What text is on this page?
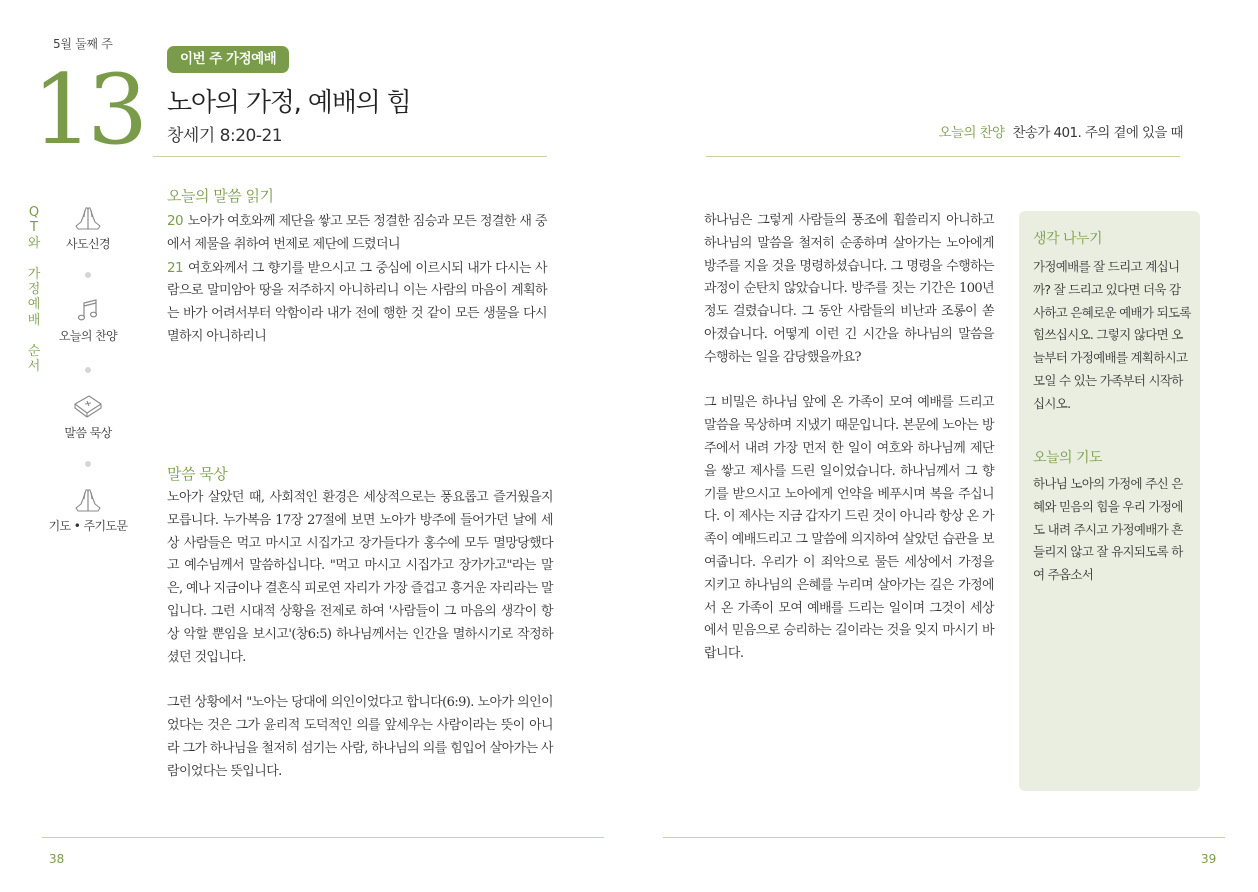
5월 둘째 주
13	이번 주 가정예배
노아의 가정, 예배의 힘
창세기 8:20-21
Q
T
와
가
정
예
배
순
서
사도신경
오늘의 찬양
말씀 묵상
기도 • 주기도문
오늘의 말씀 읽기

20 노아가 여호와께 제단을 쌓고 모든 정결한 짐승과 모든 정결한 새 중에서 제물을 취하여 번제로 제단에 드렸더니

21 여호와께서 그 향기를 받으시고 그 중심에 이르시되 내가 다시는 사람으로 말미암아 땅을 저주하지 아니하리니 이는 사람의 마음이 계획하는 바가 어려서부터 악함이라 내가 전에 행한 것 같이 모든 생물을 다시 멸하지 아니하리니

말씀 묵상

노아가 살았던 때, 사회적인 환경은 세상적으로는 풍요롭고 즐거웠을지 모릅니다. 누가복음 17장 27절에 보면 노아가 방주에 들어가던 날에 세상 사람들은 먹고 마시고 시집가고 장가들다가 홍수에 모두 멸망당했다고 예수님께서 말씀하십니다. "먹고 마시고 시집가고 장가가고"라는 말은, 예나 지금이나 결혼식 피로연 자리가 가장 즐겁고 흥거운 자리라는 말입니다. 그런 시대적 상황을 전제로 하여 '사람들이 그 마음의 생각이 항상 악할 뿐임을 보시고'(창6:5) 하나님께서는 인간을 멸하시기로 작정하셨던 것입니다.

그런 상황에서 "노아는 당대에 의인이었다고 합니다(6:9). 노아가 의인이었다는 것은 그가 윤리적 도덕적인 의를 앞세우는 사람이라는 뜻이 아니라 그가 하나님을 철저히 섬기는 사람, 하나님의 의를 힘입어 살아가는 사람이었다는 뜻입니다.

38
오늘의 찬양 찬송가 401. 주의 곁에 있을 때

하나님은 그렇게 사람들의 풍조에 휩쓸리지 아니하고 하나님의 말씀을 철저히 순종하며 살아가는 노아에게 방주를 지을 것을 명령하셨습니다. 그 명령을 수행하는 과정이 순탄치 않았습니다. 방주를 짓는 기간은 100년 정도 걸렸습니다. 그 동안 사람들의 비난과 조롱이 쏟아졌습니다. 어떻게 이런 긴 시간을 하나님의 말씀을 수행하는 일을 감당했을까요?

그 비밀은 하나님 앞에 온 가족이 모여 예배를 드리고 말씀을 묵상하며 지냈기 때문입니다. 본문에 노아는 방주에서 내려 가장 먼저 한 일이 여호와 하나님께 제단을 쌓고 제사를 드린 일이었습니다. 하나님께서 그 향기를 받으시고 노아에게 언약을 베푸시며 복을 주십니다. 이 제사는 지금 갑자기 드린 것이 아니라 항상 온 가족이 예배드리고 그 말씀에 의지하여 살았던 습관을 보여줍니다. 우리가 이 죄악으로 물든 세상에서 가정을 지키고 하나님의 은혜를 누리며 살아가는 길은 가정에서 온 가족이 모여 예배를 드리는 일이며 그것이 세상에서 믿음으로 승리하는 길이라는 것을 잊지 마시기 바랍니다.

생각 나누기
가정예배를 잘 드리고 계십니까? 잘 드리고 있다면 더욱 감사하고 은혜로운 예배가 되도록 힘쓰십시오. 그렇지 않다면 오늘부터 가정예배를 계획하시고 모일 수 있는 가족부터 시작하십시오.
오늘의 기도
하나님 노아의 가정에 주신 은혜와 믿음의 힘을 우리 가정에도 내려 주시고 가정예배가 흔들리지 않고 잘 유지되도록 하여 주옵소서
39
